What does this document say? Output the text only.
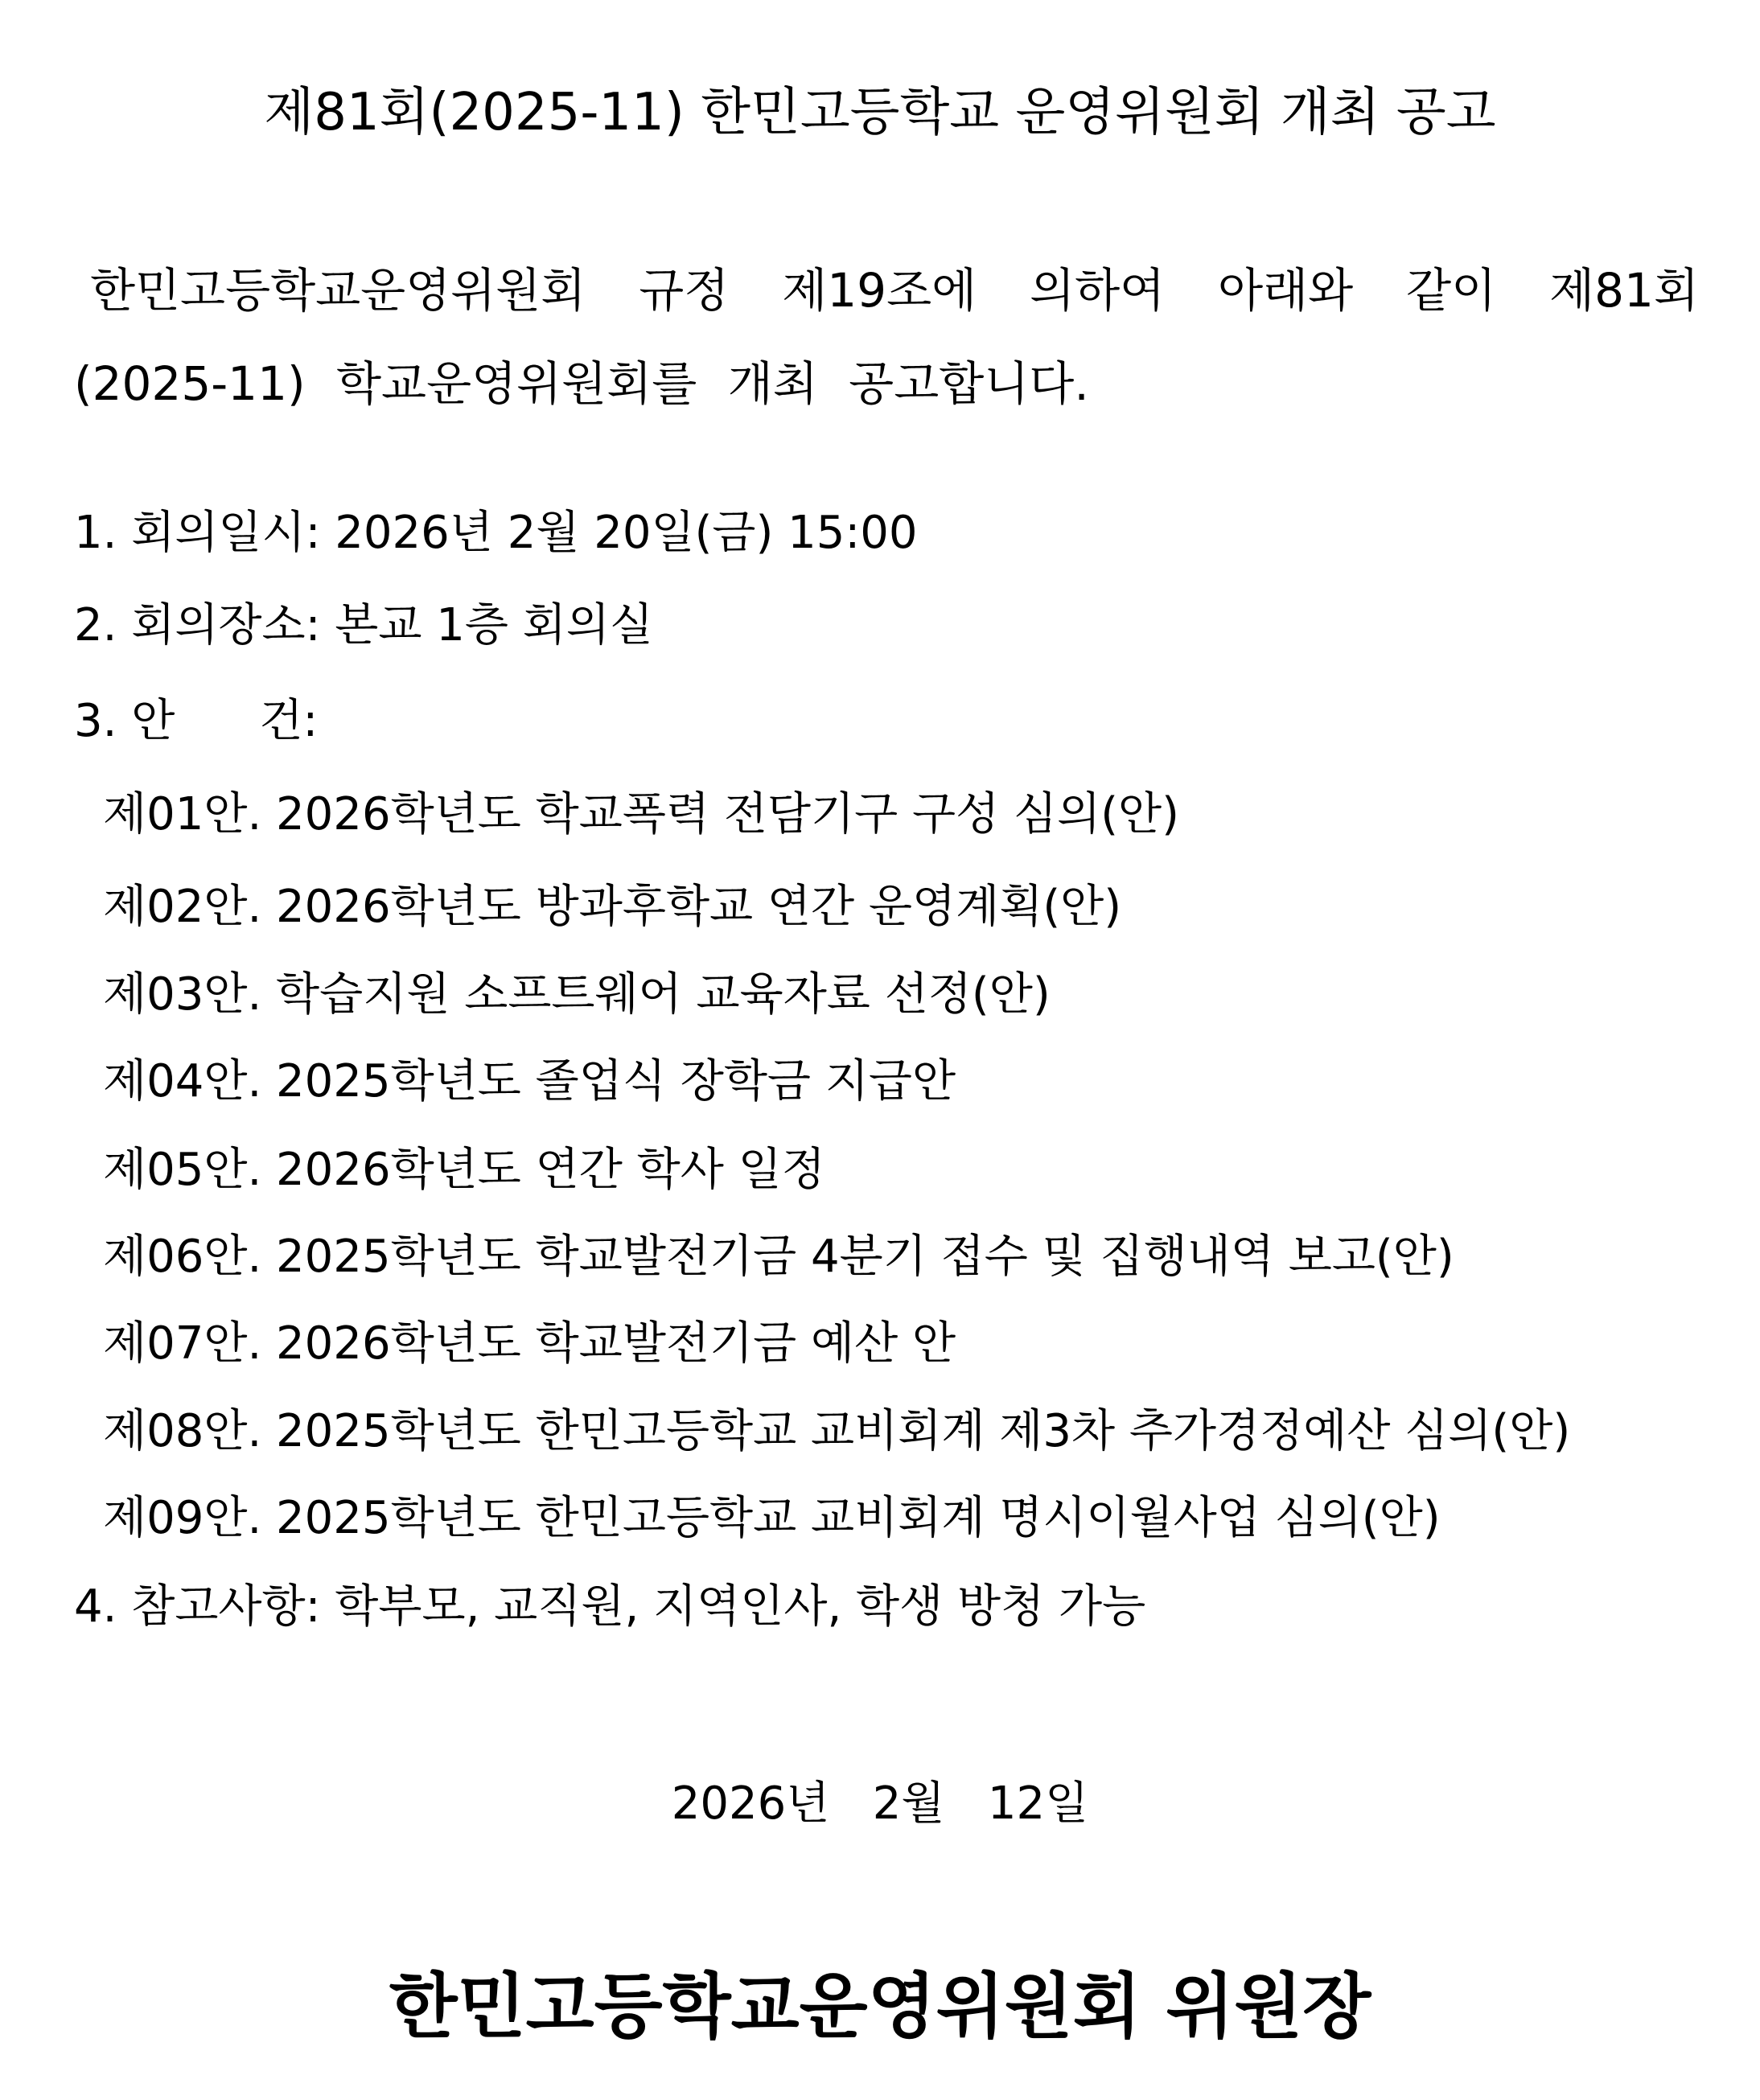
제81회(2025-11) 한민고등학교 운영위원회 개최 공고
한민고등학교운영위원회 규정 제19조에 의하여 아래와 같이 제81회 (2025-11) 학교운영위원회를 개최 공고합니다.
1. 회의일시: 2026년 2월 20일(금) 15:00
2. 회의장소: 본교 1층 회의실
3. 안 건:
제01안. 2026학년도 학교폭력 전담기구 구성 심의(안)
제02안. 2026학년도 방과후학교 연간 운영계획(안)
제03안. 학습지원 소프트웨어 교육자료 선정(안)
제04안. 2025학년도 졸업식 장학금 지급안
제05안. 2026학년도 연간 학사 일정
제06안. 2025학년도 학교발전기금 4분기 접수 및 집행내역 보고(안)
제07안. 2026학년도 학교발전기금 예산 안
제08안. 2025학년도 한민고등학교 교비회계 제3차 추가경정예산 심의(안)
제09안. 2025학년도 한민고등학교 교비회계 명시이월사업 심의(안)
4. 참고사항: 학부모, 교직원, 지역인사, 학생 방청 가능
2026년   2월   12일
한민고등학교운영위원회 위원장
